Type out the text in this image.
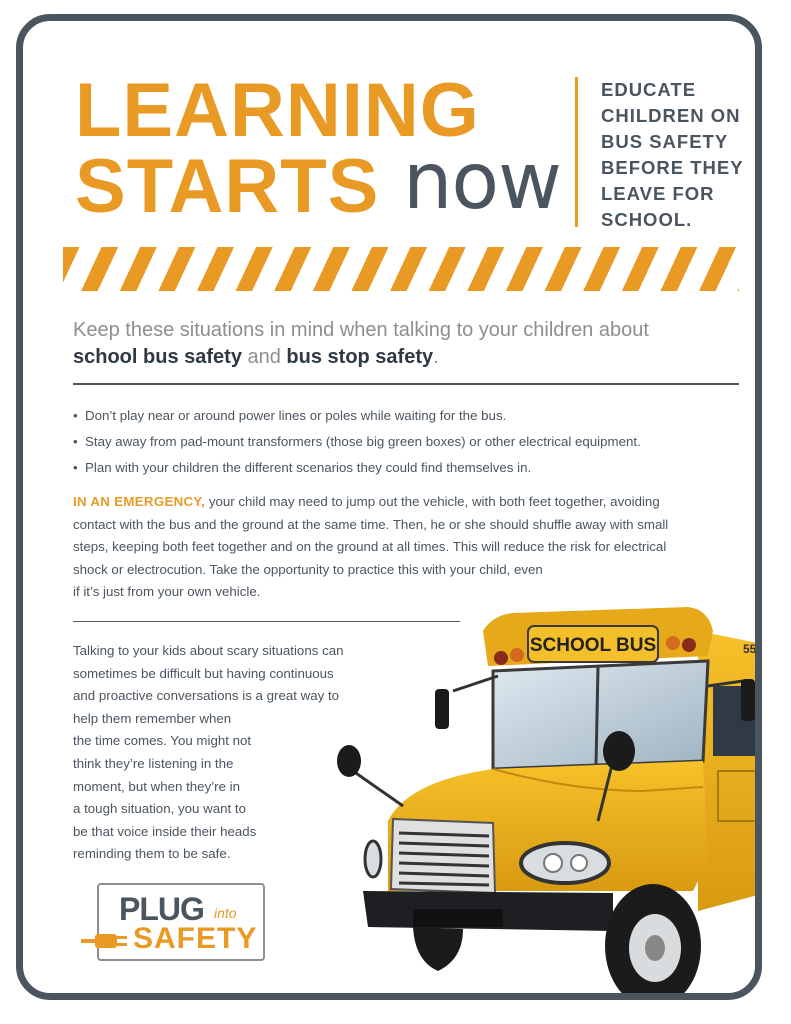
LEARNING
STARTS now
EDUCATE
CHILDREN ON
BUS SAFETY
BEFORE THEY
LEAVE FOR
SCHOOL.
Keep these situations in mind when talking to your children about
school bus safety and bus stop safety.
• Don’t play near or around power lines or poles while waiting for the bus.
• Stay away from pad-mount transformers (those big green boxes) or other electrical equipment.
• Plan with your children the different scenarios they could find themselves in.
IN AN EMERGENCY, your child may need to jump out the vehicle, with both feet together, avoiding
contact with the bus and the ground at the same time. Then, he or she should shuffle away with small
steps, keeping both feet together and on the ground at all times. This will reduce the risk for electrical
shock or electrocution. Take the opportunity to practice this with your child, even
if it’s just from your own vehicle.
Talking to your kids about scary situations can
sometimes be difficult but having continuous
and proactive conversations is a great way to
help them remember when
the time comes. You might not
think they’re listening in the
moment, but when they’re in
a tough situation, you want to
be that voice inside their heads
reminding them to be safe.
PLUG into
SAFETY
SCHOOL BUS	55
